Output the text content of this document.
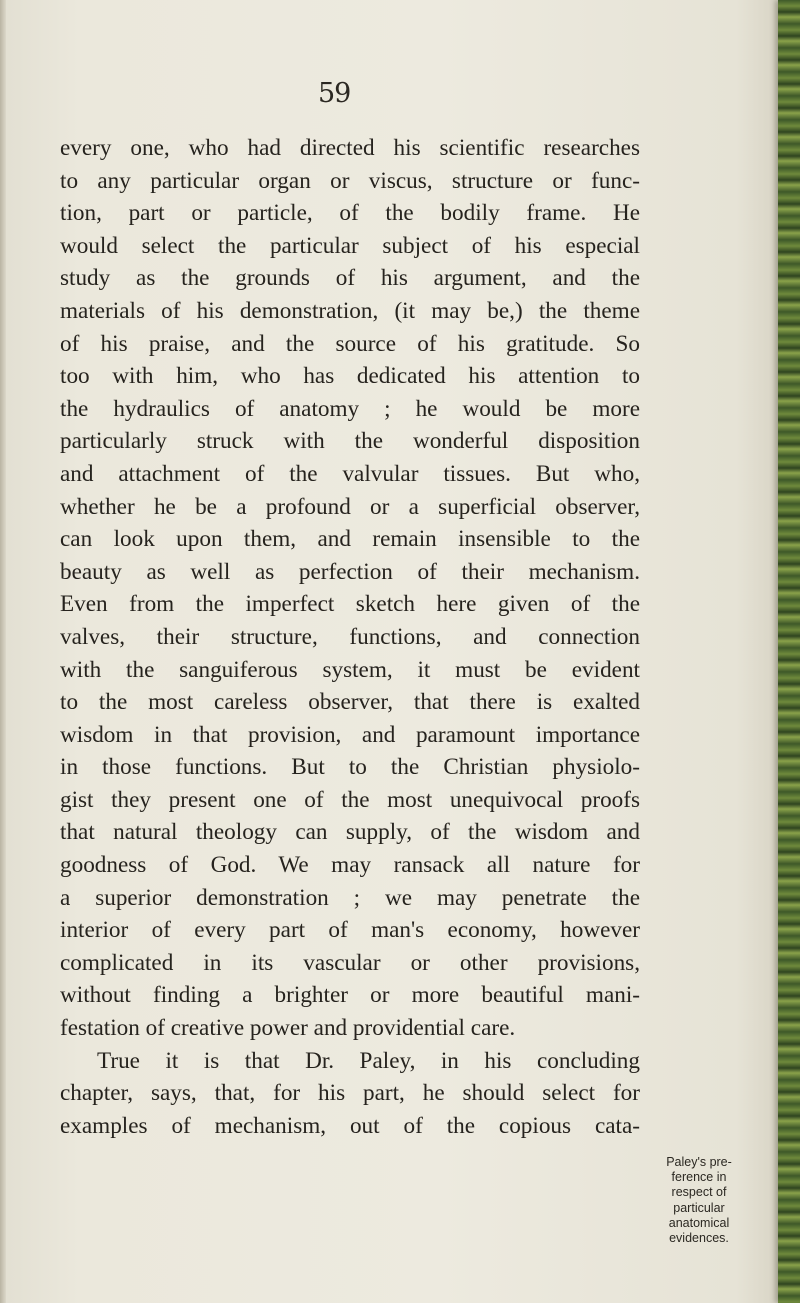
59
every one, who had directed his scientific researches
to any particular organ or viscus, structure or func-
tion, part or particle, of the bodily frame. He
would select the particular subject of his especial
study as the grounds of his argument, and the
materials of his demonstration, (it may be,) the theme
of his praise, and the source of his gratitude. So
too with him, who has dedicated his attention to
the hydraulics of anatomy ; he would be more
particularly struck with the wonderful disposition
and attachment of the valvular tissues. But who,
whether he be a profound or a superficial observer,
can look upon them, and remain insensible to the
beauty as well as perfection of their mechanism.
Even from the imperfect sketch here given of the
valves, their structure, functions, and connection
with the sanguiferous system, it must be evident
to the most careless observer, that there is exalted
wisdom in that provision, and paramount importance
in those functions. But to the Christian physiolo-
gist they present one of the most unequivocal proofs
that natural theology can supply, of the wisdom and
goodness of God. We may ransack all nature for
a superior demonstration ; we may penetrate the
interior of every part of man's economy, however
complicated in its vascular or other provisions,
without finding a brighter or more beautiful mani-
festation of creative power and providential care.
True it is that Dr. Paley, in his concluding
chapter, says, that, for his part, he should select for
examples of mechanism, out of the copious cata-
Paley's pre-
ference in
respect of
particular
anatomical
evidences.
